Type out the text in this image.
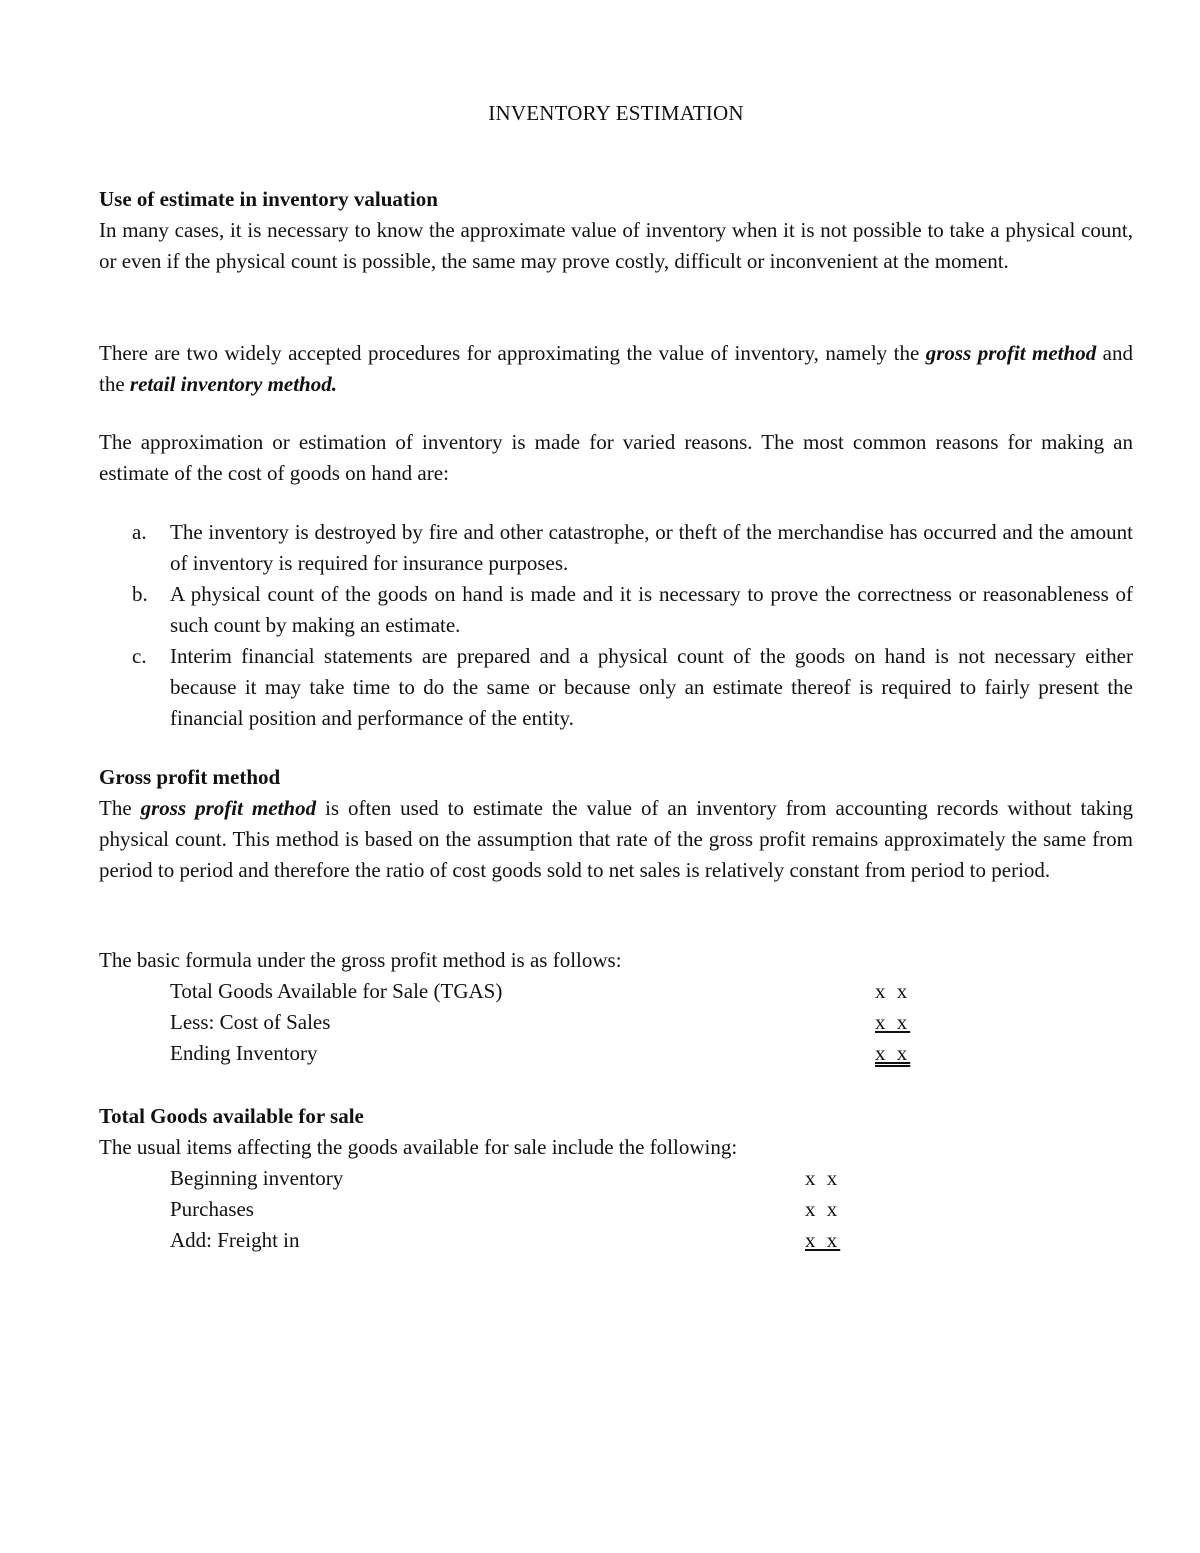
INVENTORY ESTIMATION
Use of estimate in inventory valuation

In many cases, it is necessary to know the approximate value of inventory when it is not possible to take a physical count, or even if the physical count is possible, the same may prove costly, difficult or inconvenient at the moment.

There are two widely accepted procedures for approximating the value of inventory, namely the gross profit method and the retail inventory method.

The approximation or estimation of inventory is made for varied reasons. The most common reasons for making an estimate of the cost of goods on hand are:

a. The inventory is destroyed by fire and other catastrophe, or theft of the merchandise has occurred and the amount of inventory is required for insurance purposes.
b. A physical count of the goods on hand is made and it is necessary to prove the correctness or reasonableness of such count by making an estimate.
c. Interim financial statements are prepared and a physical count of the goods on hand is not necessary either because it may take time to do the same or because only an estimate thereof is required to fairly present the financial position and performance of the entity.
Gross profit method

The gross profit method is often used to estimate the value of an inventory from accounting records without taking physical count. This method is based on the assumption that rate of the gross profit remains approximately the same from period to period and therefore the ratio of cost goods sold to net sales is relatively constant from period to period.

The basic formula under the gross profit method is as follows:

Total Goods Available for Sale (TGAS)	x x
Less: Cost of Sales	x x
Ending Inventory	x x
Total Goods available for sale

The usual items affecting the goods available for sale include the following:

Beginning inventory	x x
Purchases	x x
Add: Freight in	x x
